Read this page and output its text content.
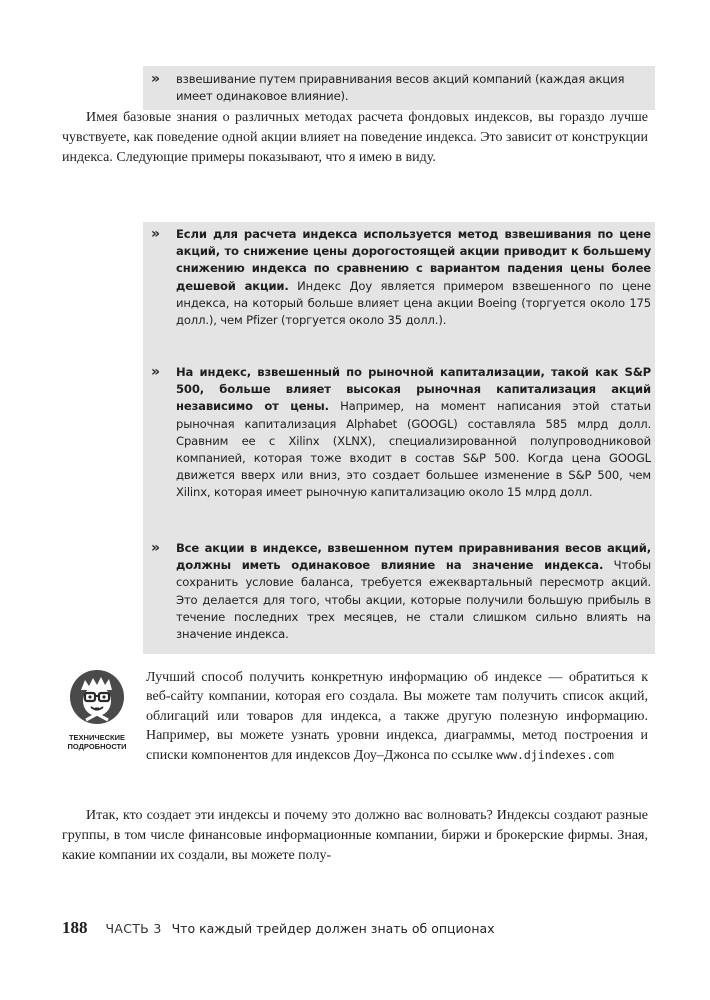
» взвешивание путем приравнивания весов акций компаний (каждая акция имеет одинаковое влияние).

Имея базовые знания о различных методах расчета фондовых индексов, вы гораздо лучше чувствуете, как поведение одной акции влияет на поведение индекса. Это зависит от конструкции индекса. Следующие примеры показывают, что я имею в виду.

» Если для расчета индекса используется метод взвешивания по цене акций, то снижение цены дорогостоящей акции приводит к большему снижению индекса по сравнению с вариантом падения цены более дешевой акции. Индекс Доу является примером взвешенного по цене индекса, на который больше влияет цена акции Boeing (торгуется около 175 долл.), чем Pfizer (торгуется около 35 долл.).
» На индекс, взвешенный по рыночной капитализации, такой как S&P 500, больше влияет высокая рыночная капитализация акций независимо от цены. Например, на момент написания этой статьи рыночная капитализация Alphabet (GOOGL) составляла 585 млрд долл. Сравним ее с Xilinx (XLNX), специализированной полупроводниковой компанией, которая тоже входит в состав S&P 500. Когда цена GOOGL движется вверх или вниз, это создает большее изменение в S&P 500, чем Xilinx, которая имеет рыночную капитализацию около 15 млрд долл.
» Все акции в индексе, взвешенном путем приравнивания весов акций, должны иметь одинаковое влияние на значение индекса. Чтобы сохранить условие баланса, требуется ежеквартальный пересмотр акций. Это делается для того, чтобы акции, которые получили большую прибыль в течение последних трех месяцев, не стали слишком сильно влиять на значение индекса.
ТЕХНИЧЕСКИЕ
ПОДРОБНОСТИ

Лучший способ получить конкретную информацию об индексе — обратиться к веб-сайту компании, которая его создала. Вы можете там получить список акций, облигаций или товаров для индекса, а также другую полезную информацию. Например, вы можете узнать уровни индекса, диаграммы, метод построения и списки компонентов для индексов Доу–Джонса по ссылке www.djindexes.com

Итак, кто создает эти индексы и почему это должно вас волновать? Индексы создают разные группы, в том числе финансовые информационные компании, биржи и брокерские фирмы. Зная, какие компании их создали, вы можете полу-

188 ЧАСТЬ 3 Что каждый трейдер должен знать об опционах
